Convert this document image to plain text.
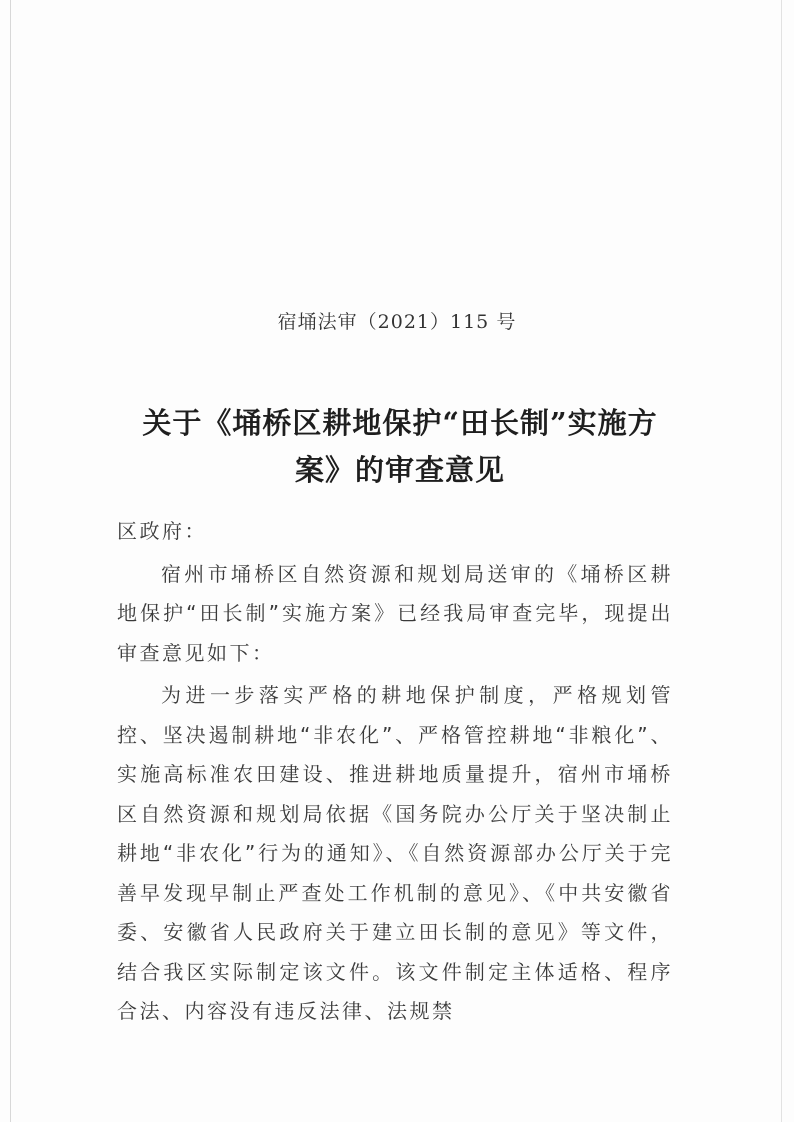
宿埇法审（2021）115 号
关于《埇桥区耕地保护“田长制”实施方案》的审查意见

区政府：

宿州市埇桥区自然资源和规划局送审的《埇桥区耕地保护“田长制”实施方案》已经我局审查完毕，现提出审查意见如下：

为进一步落实严格的耕地保护制度，严格规划管控、坚决遏制耕地“非农化”、严格管控耕地“非粮化”、实施高标准农田建设、推进耕地质量提升，宿州市埇桥区自然资源和规划局依据《国务院办公厅关于坚决制止耕地“非农化”行为的通知》、《自然资源部办公厅关于完善早发现早制止严查处工作机制的意见》、《中共安徽省委、安徽省人民政府关于建立田长制的意见》等文件，结合我区实际制定该文件。该文件制定主体适格、程序合法、内容没有违反法律、法规禁
